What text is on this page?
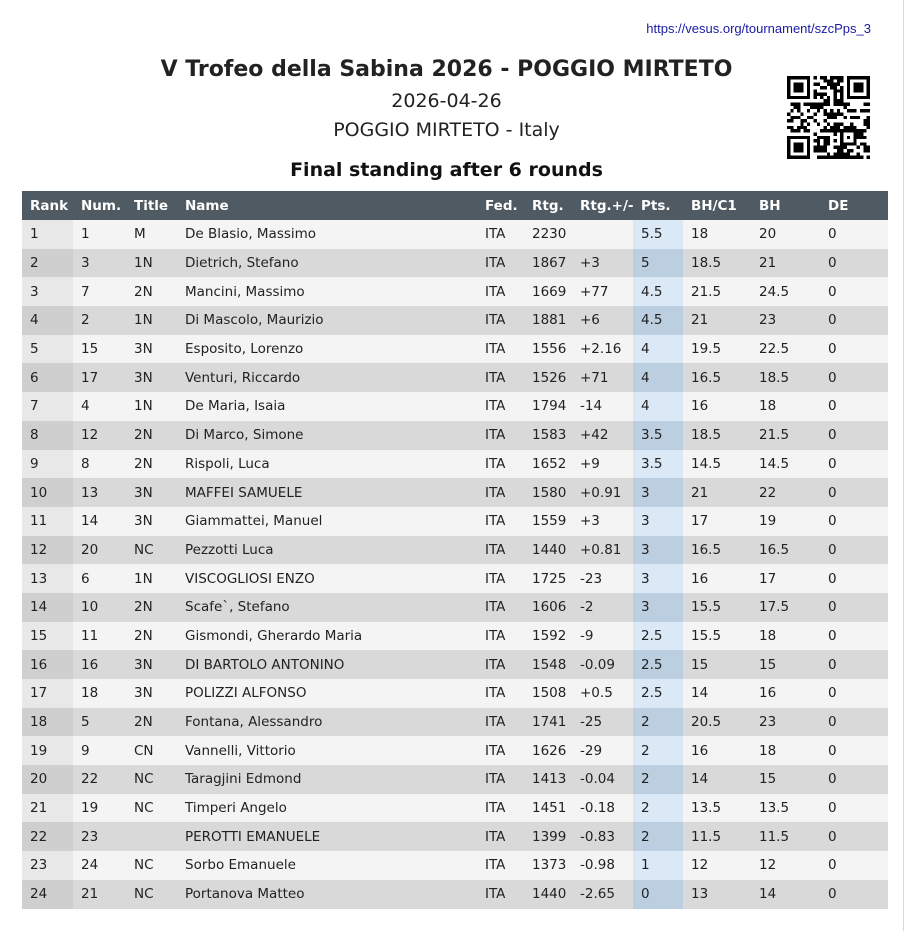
https://vesus.org/tournament/szcPps_3
V Trofeo della Sabina 2026 - POGGIO MIRTETO
2026-04-26
POGGIO MIRTETO - Italy
Final standing after 6 rounds
Rank	Num.	Title	Name	Fed.	Rtg.	Rtg.+/-	Pts.	BH/C1	BH	DE
1	1	M	De Blasio, Massimo	ITA	2230		5.5	18	20	0
2	3	1N	Dietrich, Stefano	ITA	1867	+3	5	18.5	21	0
3	7	2N	Mancini, Massimo	ITA	1669	+77	4.5	21.5	24.5	0
4	2	1N	Di Mascolo, Maurizio	ITA	1881	+6	4.5	21	23	0
5	15	3N	Esposito, Lorenzo	ITA	1556	+2.16	4	19.5	22.5	0
6	17	3N	Venturi, Riccardo	ITA	1526	+71	4	16.5	18.5	0
7	4	1N	De Maria, Isaia	ITA	1794	-14	4	16	18	0
8	12	2N	Di Marco, Simone	ITA	1583	+42	3.5	18.5	21.5	0
9	8	2N	Rispoli, Luca	ITA	1652	+9	3.5	14.5	14.5	0
10	13	3N	MAFFEI SAMUELE	ITA	1580	+0.91	3	21	22	0
11	14	3N	Giammattei, Manuel	ITA	1559	+3	3	17	19	0
12	20	NC	Pezzotti Luca	ITA	1440	+0.81	3	16.5	16.5	0
13	6	1N	VISCOGLIOSI ENZO	ITA	1725	-23	3	16	17	0
14	10	2N	Scafe`, Stefano	ITA	1606	-2	3	15.5	17.5	0
15	11	2N	Gismondi, Gherardo Maria	ITA	1592	-9	2.5	15.5	18	0
16	16	3N	DI BARTOLO ANTONINO	ITA	1548	-0.09	2.5	15	15	0
17	18	3N	POLIZZI ALFONSO	ITA	1508	+0.5	2.5	14	16	0
18	5	2N	Fontana, Alessandro	ITA	1741	-25	2	20.5	23	0
19	9	CN	Vannelli, Vittorio	ITA	1626	-29	2	16	18	0
20	22	NC	Taragjini Edmond	ITA	1413	-0.04	2	14	15	0
21	19	NC	Timperi Angelo	ITA	1451	-0.18	2	13.5	13.5	0
22	23		PEROTTI EMANUELE	ITA	1399	-0.83	2	11.5	11.5	0
23	24	NC	Sorbo Emanuele	ITA	1373	-0.98	1	12	12	0
24	21	NC	Portanova Matteo	ITA	1440	-2.65	0	13	14	0
